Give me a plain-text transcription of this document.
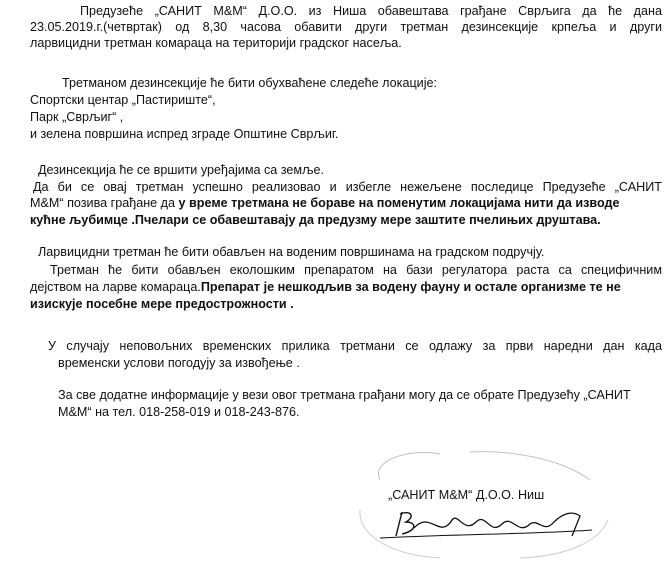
Предузеће „САНИТ М&М“ Д.О.О. из Ниша обавештава грађане Сврљига да ће дана
23.05.2019.г.(четвртак) од 8,30 часова обавити други третман дезинсекције крпеља и други
ларвицидни третман комараца на територији градског насеља.
Третманом дезинсекције ће бити обухваћене следеће локације:
Спортски центар „Пастириште“,
Парк „Сврљиг“ ,
и зелена површина испред зграде Општине Сврљиг.
Дезинсекција ће се вршити уређајима са земље.
Да би се овај третман успешно реализовао и избегле нежељене последице Предузеће „САНИТ
М&М“ позива грађане да у време третмана не бораве на поменутим локацијама нити да изводе
кућне љубимце .Пчелари се обавештавају да предузму мере заштите пчелињих друштава.
Ларвицидни третман ће бити обављен на воденим површинама на градском подручју.
Третман ће бити обављен еколошким препаратом на бази регулатора раста са специфичним
дејством на ларве комараца.Препарат је нешкодљив за водену фауну и остале организме те не
изискује посебне мере предострожности .
У случају неповољних временских прилика третмани се одлажу за први наредни дан када
временски услови погодују за извођење .
За све додатне информације у вези овог третмана грађани могу да се обрате Предузећу „САНИТ
М&М“ на тел. 018-258-019 и 018-243-876.
„САНИТ М&М“ Д.О.О. Ниш
